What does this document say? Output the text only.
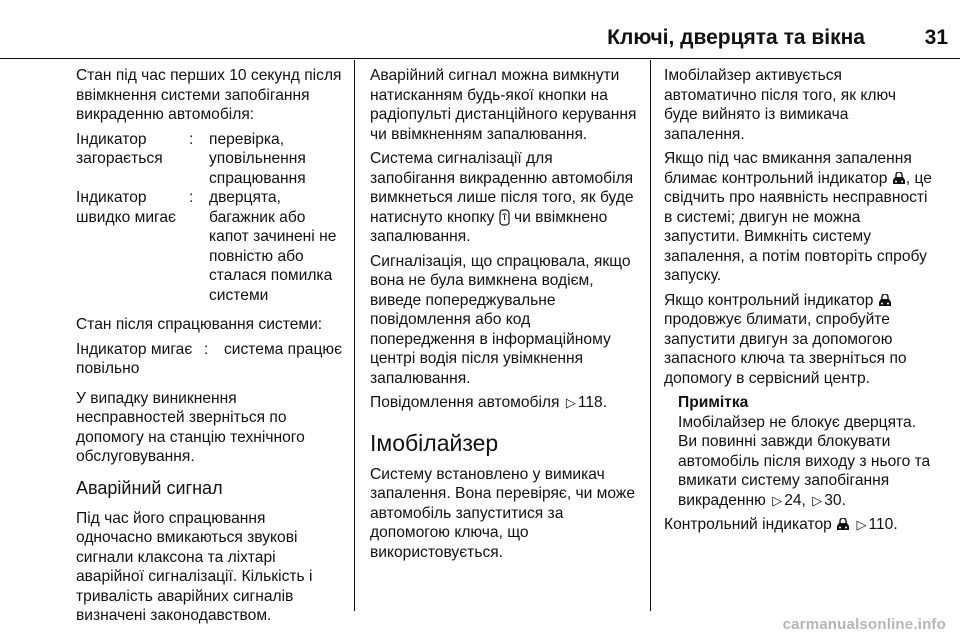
Ключі, дверцята та вікна	31

Стан під час перших 10 секунд після ввімкнення системи запобігання викраденню автомобіля:

Індикатор загорається
:	перевірка, уповільнення спрацювання
Індикатор швидко мигає
:	дверцята, багажник або капот зачинені не повністю або сталася помилка системи

Стан після спрацювання системи:

Індикатор мигає повільно
:	система працює

У випадку виникнення несправностей зверніться по допомогу на станцію технічного обслуговування.

Аварійний сигнал

Під час його спрацювання одночасно вмикаються звукові сигнали клаксона та ліхтарі аварійної сигналізації. Кількість і тривалість аварійних сигналів визначені законодавством.

Аварійний сигнал можна вимкнути натисканням будь-якої кнопки на радіопульті дистанційного керування чи ввімкненням запалювання.

Система сигналізації для запобігання викраденню автомобіля вимкнеться лише після того, як буде натиснуто кнопку чи ввімкнено запалювання.

Сигналізація, що спрацювала, якщо вона не була вимкнена водієм, виведе попереджувальне повідомлення або код попередження в інформаційному центрі водія після увімкнення запалювання.

Повідомлення автомобіля ▷ 118.

Імобілайзер

Систему встановлено у вимикач запалення. Вона перевіряє, чи може автомобіль запуститися за допомогою ключа, що використовується.

Імобілайзер активується автоматично після того, як ключ буде вийнято із вимикача запалення.

Якщо під час вмикання запалення блимає контрольний індикатор , це свідчить про наявність несправності в системі; двигун не можна запустити. Вимкніть систему запалення, а потім повторіть спробу запуску.

Якщо контрольний індикатор  продовжує блимати, спробуйте запустити двигун за допомогою запасного ключа та зверніться по допомогу в сервісний центр.

Примітка
Імобілайзер не блокує дверцята. Ви повинні завжди блокувати автомобіль після виходу з нього та вмикати систему запобігання викраденню ▷ 24, ▷ 30.

Контрольний індикатор ▷ 110.

carmanualsonline.info
